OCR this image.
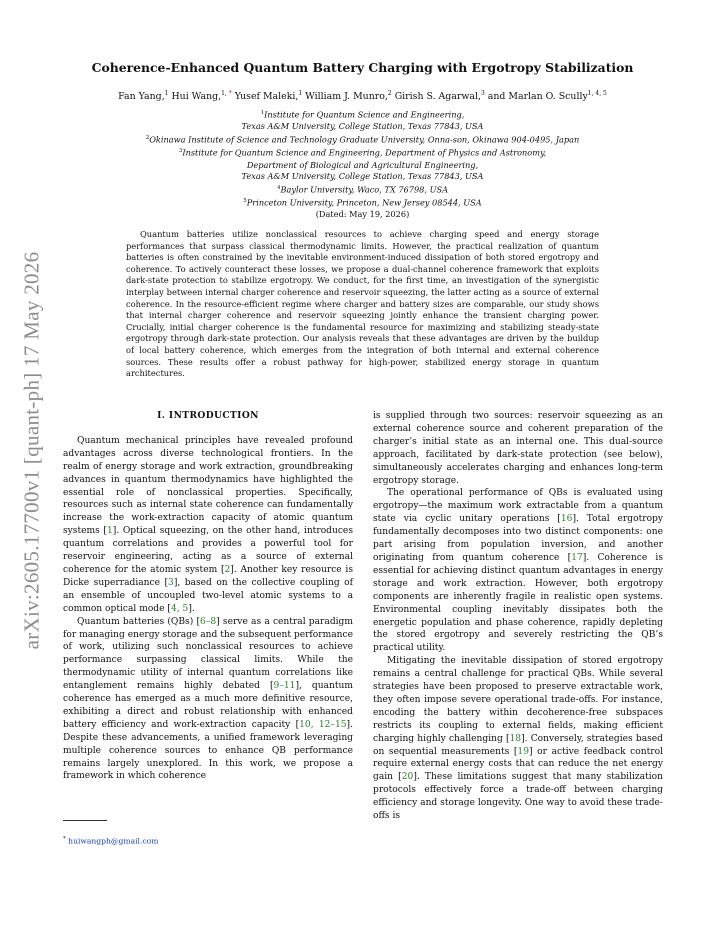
arXiv:2605.17700v1 [quant-ph] 17 May 2026
Coherence-Enhanced Quantum Battery Charging with Ergotropy Stabilization
Fan Yang,$^1$ Hui Wang,$^{1, *}$ Yusef Maleki,$^1$ William J. Munro,$^2$ Girish S. Agarwal,$^3$ and Marlan O. Scully$^{1, 4, 5}$
$^1$Institute for Quantum Science and Engineering,
Texas A&M University, College Station, Texas 77843, USA
$^2$Okinawa Institute of Science and Technology Graduate University, Onna-son, Okinawa 904-0495, Japan
$^3$Institute for Quantum Science and Engineering, Department of Physics and Astronomy,
Department of Biological and Agricultural Engineering,
Texas A&M University, College Station, Texas 77843, USA
$^4$Baylor University, Waco, TX 76798, USA
$^5$Princeton University, Princeton, New Jersey 08544, USA
(Dated: May 19, 2026)
Quantum batteries utilize nonclassical resources to achieve charging speed and energy storage performances that surpass classical thermodynamic limits. However, the practical realization of quantum batteries is often constrained by the inevitable environment-induced dissipation of both stored ergotropy and coherence. To actively counteract these losses, we propose a dual-channel coherence framework that exploits dark-state protection to stabilize ergotropy. We conduct, for the first time, an investigation of the synergistic interplay between internal charger coherence and reservoir squeezing, the latter acting as a source of external coherence. In the resource-efficient regime where charger and battery sizes are comparable, our study shows that internal charger coherence and reservoir squeezing jointly enhance the transient charging power. Crucially, initial charger coherence is the fundamental resource for maximizing and stabilizing steady-state ergotropy through dark-state protection. Our analysis reveals that these advantages are driven by the buildup of local battery coherence, which emerges from the integration of both internal and external coherence sources. These results offer a robust pathway for high-power, stabilized energy storage in quantum architectures.
I. INTRODUCTION

Quantum mechanical principles have revealed profound advantages across diverse technological frontiers. In the realm of energy storage and work extraction, groundbreaking advances in quantum thermodynamics have highlighted the essential role of nonclassical properties. Specifically, resources such as internal state coherence can fundamentally increase the work-extraction capacity of atomic quantum systems [1]. Optical squeezing, on the other hand, introduces quantum correlations and provides a powerful tool for reservoir engineering, acting as a source of external coherence for the atomic system [2]. Another key resource is Dicke superradiance [3], based on the collective coupling of an ensemble of uncoupled two-level atomic systems to a common optical mode [4, 5].

Quantum batteries (QBs) [6–8] serve as a central paradigm for managing energy storage and the subsequent performance of work, utilizing such nonclassical resources to achieve performance surpassing classical limits. While the thermodynamic utility of internal quantum correlations like entanglement remains highly debated [9–11], quantum coherence has emerged as a much more definitive resource, exhibiting a direct and robust relationship with enhanced battery efficiency and work-extraction capacity [10, 12–15]. Despite these advancements, a unified framework leveraging multiple coherence sources to enhance QB performance remains largely unexplored. In this work, we propose a framework in which coherence

is supplied through two sources: reservoir squeezing as an external coherence source and coherent preparation of the charger’s initial state as an internal one. This dual-source approach, facilitated by dark-state protection (see below), simultaneously accelerates charging and enhances long-term ergotropy storage.

The operational performance of QBs is evaluated using ergotropy—the maximum work extractable from a quantum state via cyclic unitary operations [16]. Total ergotropy fundamentally decomposes into two distinct components: one part arising from population inversion, and another originating from quantum coherence [17]. Coherence is essential for achieving distinct quantum advantages in energy storage and work extraction. However, both ergotropy components are inherently fragile in realistic open systems. Environmental coupling inevitably dissipates both the energetic population and phase coherence, rapidly depleting the stored ergotropy and severely restricting the QB’s practical utility.

Mitigating the inevitable dissipation of stored ergotropy remains a central challenge for practical QBs. While several strategies have been proposed to preserve extractable work, they often impose severe operational trade-offs. For instance, encoding the battery within decoherence-free subspaces restricts its coupling to external fields, making efficient charging highly challenging [18]. Conversely, strategies based on sequential measurements [19] or active feedback control require external energy costs that can reduce the net energy gain [20]. These limitations suggest that many stabilization protocols effectively force a trade-off between charging efficiency and storage longevity. One way to avoid these trade-offs is

* huiwangph@gmail.com
